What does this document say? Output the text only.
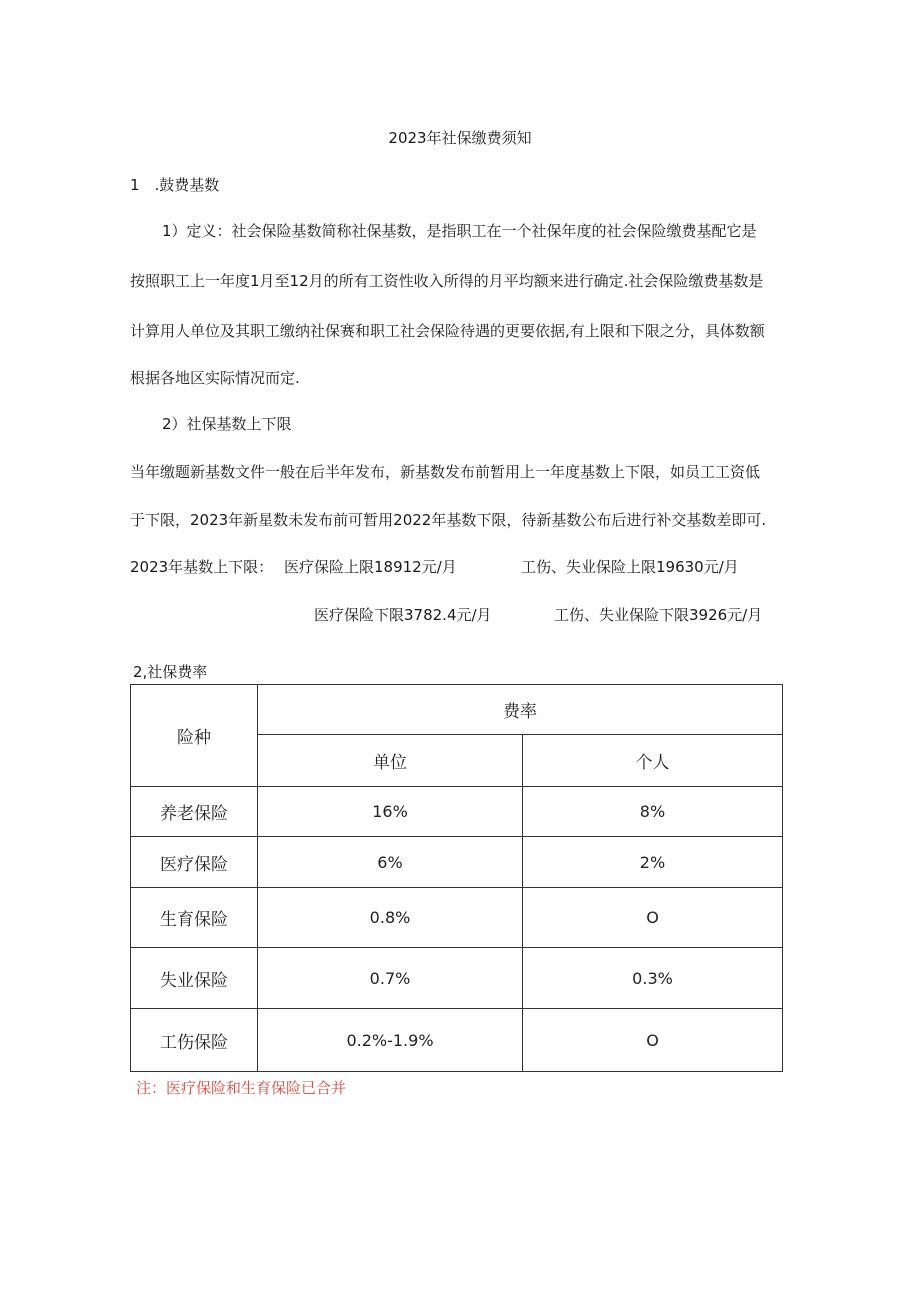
2023年社保缴费须知
1　.鼓费基数
1）定义：社会保险基数简称社保基数，是指职工在一个社保年度的社会保险缴费基配它是
按照职工上一年度1月至12月的所有工资性收入所得的月平均额来进行确定.社会保险缴费基数是
计算用人单位及其职工缴纳社保赛和职工社会保险待遇的更要依据,有上限和下限之分，具体数额
根据各地区实际情况而定.
2）社保基数上下限
当年缴题新基数文件一般在后半年发布，新基数发布前暂用上一年度基数上下限，如员工工资低
于下限，2023年新星数未发布前可暂用2022年基数下限，待新基数公布后进行补交基数差即可.
2023年基数上下限： 医疗保险上限18912元/月	工伤、失业保险上限19630元/月
医疗保险下限3782.4元/月	工伤、失业保险下限3926元/月
2,社保费率
险种	费率	
	单位	个人
养老保险	16%	8%
医疗保险	6%	2%
生育保险	0.8%	O
失业保险	0.7%	0.3%
工伤保险	0.2%-1.9%	O
注：医疗保险和生育保险已合并
